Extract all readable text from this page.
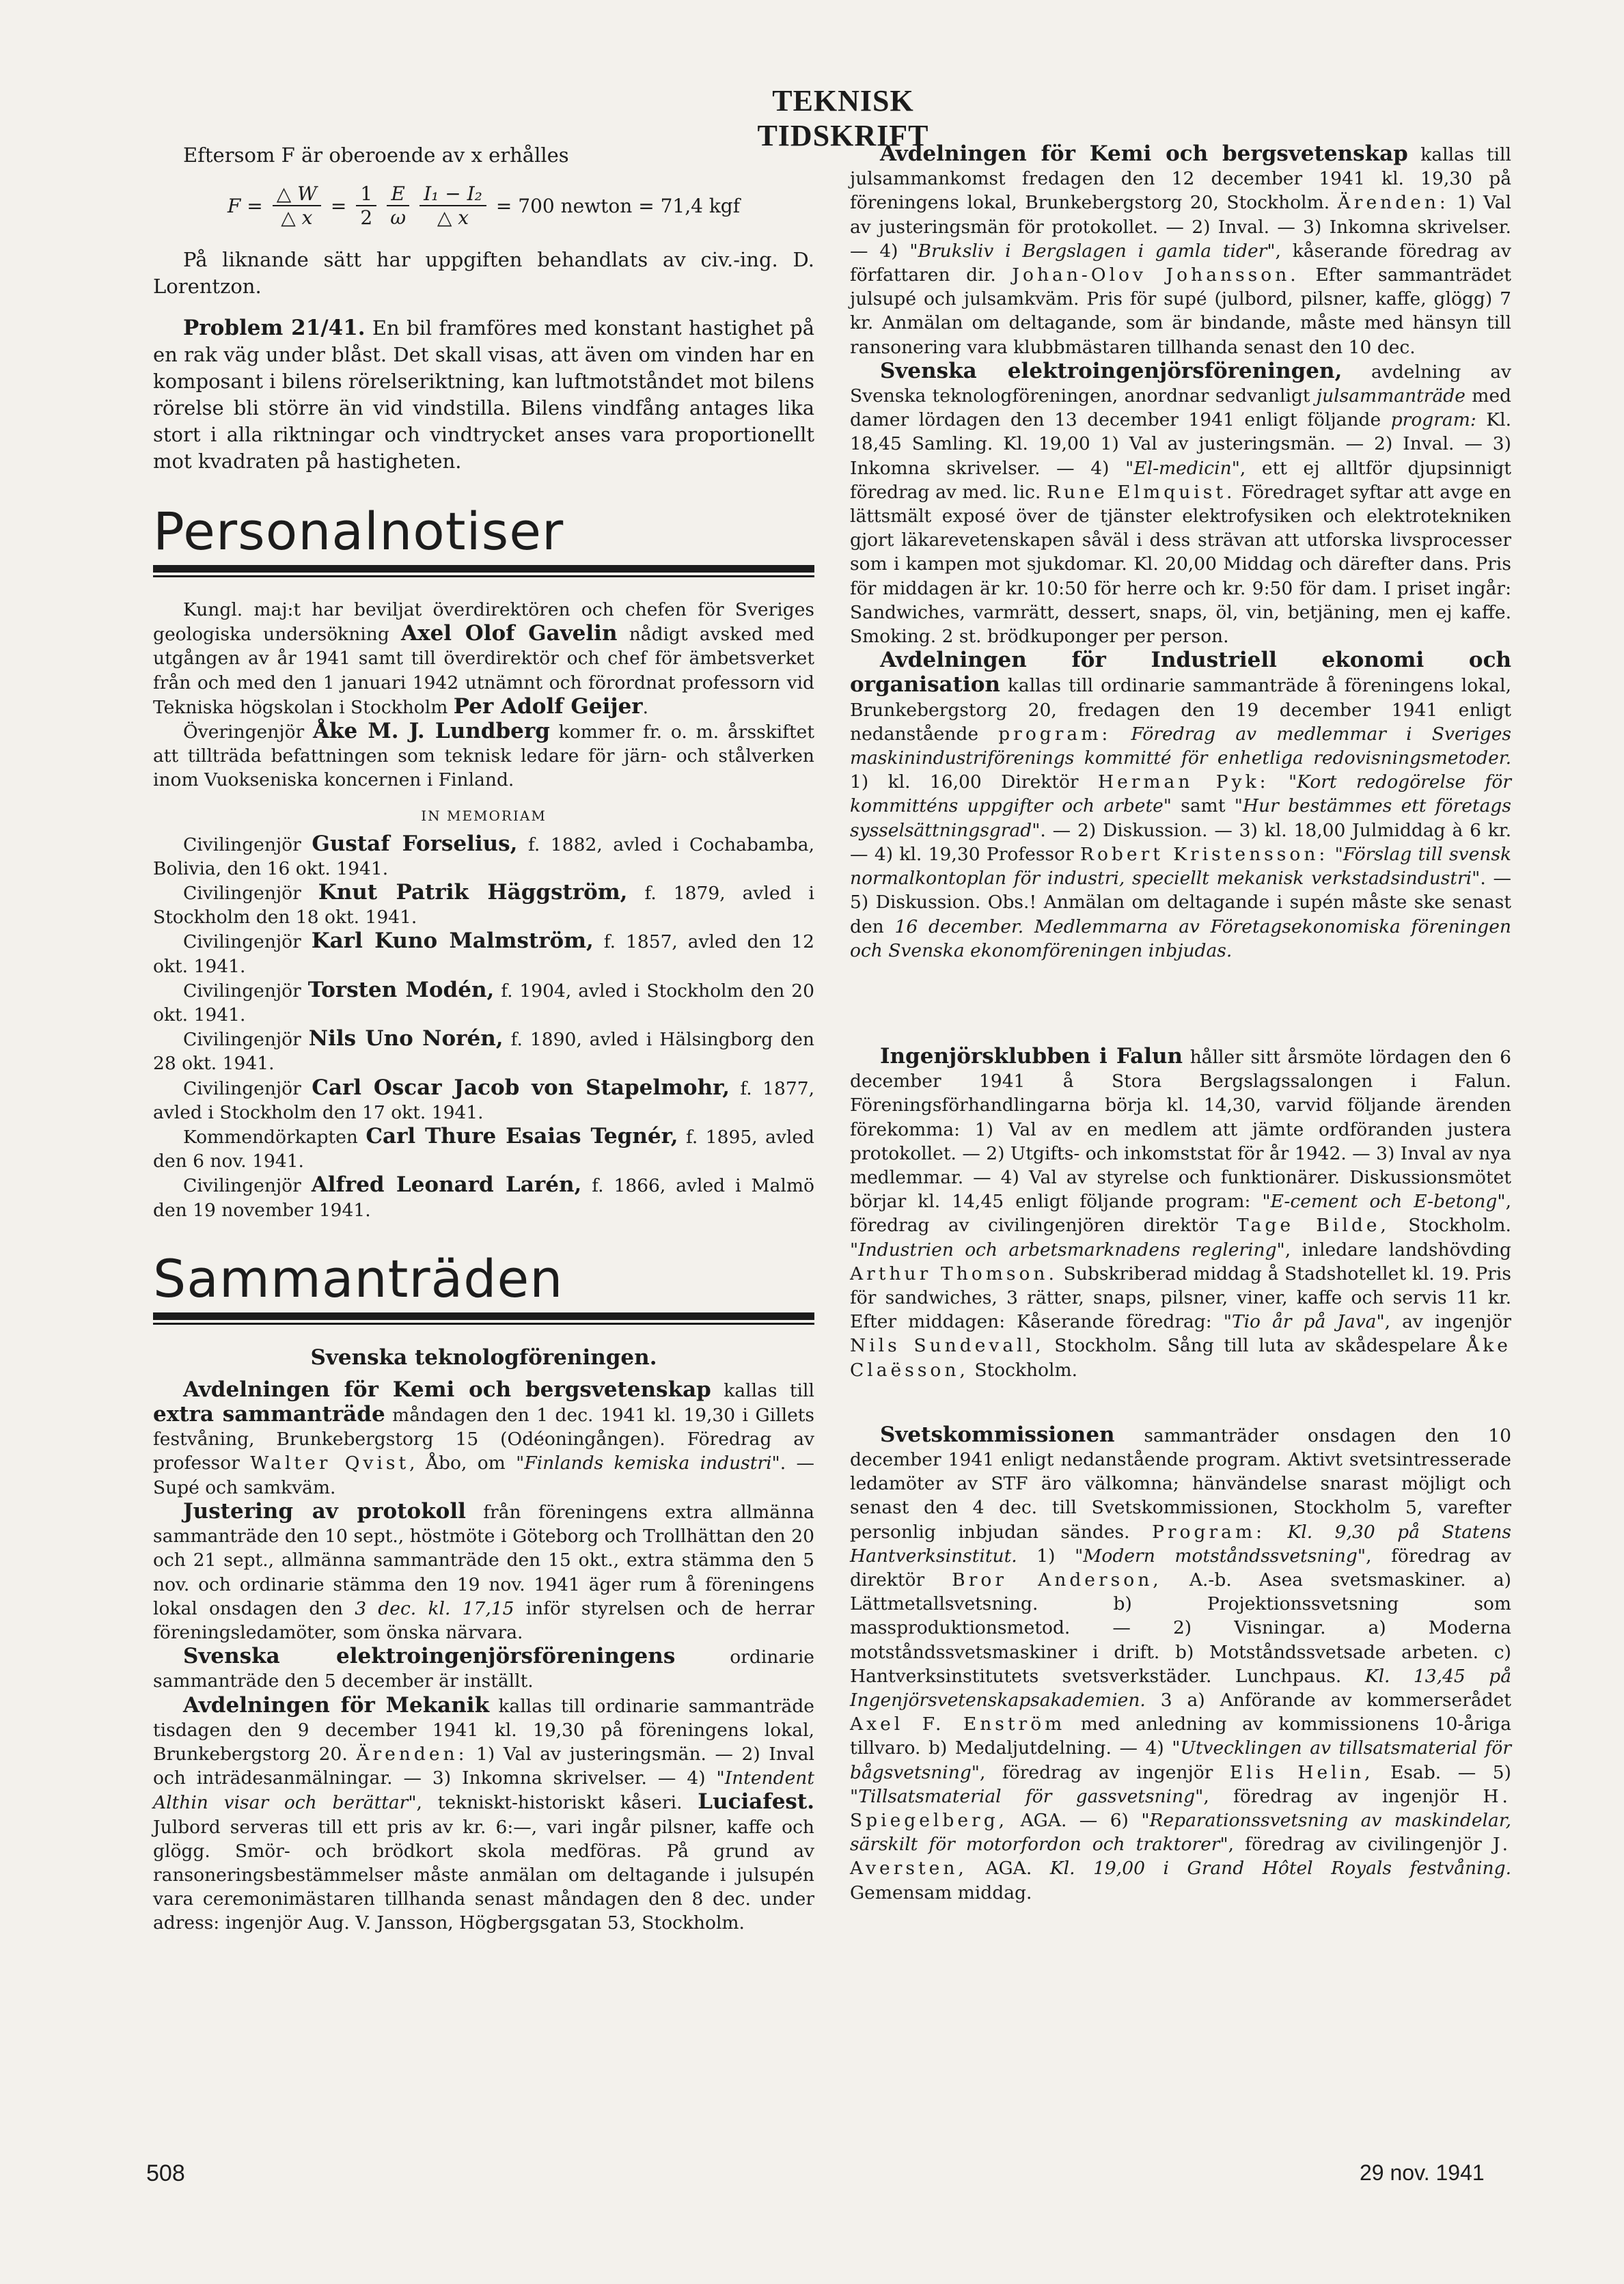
TEKNISK TIDSKRIFT

Eftersom F är oberoende av x erhålles

$F = \frac{\triangle W}{\triangle x} = \frac{1}{2} \frac{E}{\omega} \frac{\text{I₁ − I₂}}{\triangle x} = 700$ newton = 71,4 kgf

På liknande sätt har uppgiften behandlats av civ.-ing. D. Lorentzon.

Problem 21/41. En bil framföres med konstant hastighet på en rak väg under blåst. Det skall visas, att även om vinden har en komposant i bilens rörelseriktning, kan luftmotståndet mot bilens rörelse bli större än vid vindstilla. Bilens vindfång antages lika stort i alla riktningar och vindtrycket anses vara proportionellt mot kvadraten på hastigheten.

Personalnotiser

Kungl. maj:t har beviljat överdirektören och chefen för Sveriges geologiska undersökning Axel Olof Gavelin nådigt avsked med utgången av år 1941 samt till överdirektör och chef för ämbetsverket från och med den 1 januari 1942 utnämnt och förordnat professorn vid Tekniska högskolan i Stockholm Per Adolf Geijer.

Överingenjör Åke M. J. Lundberg kommer fr. o. m. årsskiftet att tillträda befattningen som teknisk ledare för järn- och stålverken inom Vuokseniska koncernen i Finland.

IN MEMORIAM

Civilingenjör Gustaf Forselius, f. 1882, avled i Cochabamba, Bolivia, den 16 okt. 1941.

Civilingenjör Knut Patrik Häggström, f. 1879, avled i Stockholm den 18 okt. 1941.

Civilingenjör Karl Kuno Malmström, f. 1857, avled den 12 okt. 1941.

Civilingenjör Torsten Modén, f. 1904, avled i Stockholm den 20 okt. 1941.

Civilingenjör Nils Uno Norén, f. 1890, avled i Hälsingborg den 28 okt. 1941.

Civilingenjör Carl Oscar Jacob von Stapelmohr, f. 1877, avled i Stockholm den 17 okt. 1941.

Kommendörkapten Carl Thure Esaias Tegnér, f. 1895, avled den 6 nov. 1941.

Civilingenjör Alfred Leonard Larén, f. 1866, avled i Malmö den 19 november 1941.

Sammanträden
Svenska teknologföreningen.

Avdelningen för Kemi och bergsvetenskap kallas till extra sammanträde måndagen den 1 dec. 1941 kl. 19,30 i Gillets festvåning, Brunkebergstorg 15 (Odéoningången). Föredrag av professor Walter Qvist, Åbo, om "Finlands kemiska industri". — Supé och samkväm.

Justering av protokoll från föreningens extra allmänna sammanträde den 10 sept., höstmöte i Göteborg och Trollhättan den 20 och 21 sept., allmänna sammanträde den 15 okt., extra stämma den 5 nov. och ordinarie stämma den 19 nov. 1941 äger rum å föreningens lokal onsdagen den 3 dec. kl. 17,15 inför styrelsen och de herrar föreningsledamöter, som önska närvara.

Svenska elektroingenjörsföreningens ordinarie sammanträde den 5 december är inställt.

Avdelningen för Mekanik kallas till ordinarie sammanträde tisdagen den 9 december 1941 kl. 19,30 på föreningens lokal, Brunkebergstorg 20. Ärenden: 1) Val av justeringsmän. — 2) Inval och inträdesanmälningar. — 3) Inkomna skrivelser. — 4) "Intendent Althin visar och berättar", tekniskt-historiskt kåseri. Luciafest. Julbord serveras till ett pris av kr. 6:—, vari ingår pilsner, kaffe och glögg. Smör- och brödkort skola medföras. På grund av ransoneringsbestämmelser måste anmälan om deltagande i julsupén vara ceremonimästaren tillhanda senast måndagen den 8 dec. under adress: ingenjör Aug. V. Jansson, Högbergsgatan 53, Stockholm.

Avdelningen för Kemi och bergsvetenskap kallas till julsammankomst fredagen den 12 december 1941 kl. 19,30 på föreningens lokal, Brunkebergstorg 20, Stockholm. Ärenden: 1) Val av justeringsmän för protokollet. — 2) Inval. — 3) Inkomna skrivelser. — 4) "Bruksliv i Bergslagen i gamla tider", kåserande föredrag av författaren dir. Johan-Olov Johansson. Efter sammanträdet julsupé och julsamkväm. Pris för supé (julbord, pilsner, kaffe, glögg) 7 kr. Anmälan om deltagande, som är bindande, måste med hänsyn till ransonering vara klubbmästaren tillhanda senast den 10 dec.

Svenska elektroingenjörsföreningen, avdelning av Svenska teknologföreningen, anordnar sedvanligt julsammanträde med damer lördagen den 13 december 1941 enligt följande program: Kl. 18,45 Samling. Kl. 19,00 1) Val av justeringsmän. — 2) Inval. — 3) Inkomna skrivelser. — 4) "El-medicin", ett ej alltför djupsinnigt föredrag av med. lic. Rune Elmquist. Föredraget syftar att avge en lättsmält exposé över de tjänster elektrofysiken och elektrotekniken gjort läkarevetenskapen såväl i dess strävan att utforska livsprocesser som i kampen mot sjukdomar. Kl. 20,00 Middag och därefter dans. Pris för middagen är kr. 10:50 för herre och kr. 9:50 för dam. I priset ingår: Sandwiches, varmrätt, dessert, snaps, öl, vin, betjäning, men ej kaffe. Smoking. 2 st. brödkuponger per person.

Avdelningen för Industriell ekonomi och organisation kallas till ordinarie sammanträde å föreningens lokal, Brunkebergstorg 20, fredagen den 19 december 1941 enligt nedanstående program: Föredrag av medlemmar i Sveriges maskinindustriförenings kommitté för enhetliga redovisningsmetoder. 1) kl. 16,00 Direktör Herman Pyk: "Kort redogörelse för kommitténs uppgifter och arbete" samt "Hur bestämmes ett företags sysselsättningsgrad". — 2) Diskussion. — 3) kl. 18,00 Julmiddag à 6 kr. — 4) kl. 19,30 Professor Robert Kristensson: "Förslag till svensk normalkontoplan för industri, speciellt mekanisk verkstadsindustri". — 5) Diskussion. Obs.! Anmälan om deltagande i supén måste ske senast den 16 december. Medlemmarna av Företagsekonomiska föreningen och Svenska ekonomföreningen inbjudas.

Ingenjörsklubben i Falun håller sitt årsmöte lördagen den 6 december 1941 å Stora Bergslagssalongen i Falun. Föreningsförhandlingarna börja kl. 14,30, varvid följande ärenden förekomma: 1) Val av en medlem att jämte ordföranden justera protokollet. — 2) Utgifts- och inkomststat för år 1942. — 3) Inval av nya medlemmar. — 4) Val av styrelse och funktionärer. Diskussionsmötet börjar kl. 14,45 enligt följande program: "E-cement och E-betong", föredrag av civilingenjören direktör Tage Bilde, Stockholm. "Industrien och arbetsmarknadens reglering", inledare landshövding Arthur Thomson. Subskriberad middag å Stadshotellet kl. 19. Pris för sandwiches, 3 rätter, snaps, pilsner, viner, kaffe och servis 11 kr. Efter middagen: Kåserande föredrag: "Tio år på Java", av ingenjör Nils Sundevall, Stockholm. Sång till luta av skådespelare Åke Claësson, Stockholm.

Svetskommissionen sammanträder onsdagen den 10 december 1941 enligt nedanstående program. Aktivt svetsintresserade ledamöter av STF äro välkomna; hänvändelse snarast möjligt och senast den 4 dec. till Svetskommissionen, Stockholm 5, varefter personlig inbjudan sändes. Program: Kl. 9,30 på Statens Hantverksinstitut. 1) "Modern motståndssvetsning", föredrag av direktör Bror Anderson, A.-b. Asea svetsmaskiner. a) Lättmetallsvetsning. b) Projektionssvetsning som massproduktionsmetod. — 2) Visningar. a) Moderna motståndssvetsmaskiner i drift. b) Motståndssvetsade arbeten. c) Hantverksinstitutets svetsverkstäder. Lunchpaus. Kl. 13,45 på Ingenjörsvetenskapsakademien. 3 a) Anförande av kommerserådet Axel F. Enström med anledning av kommissionens 10-åriga tillvaro. b) Medaljutdelning. — 4) "Utvecklingen av tillsatsmaterial för bågsvetsning", föredrag av ingenjör Elis Helin, Esab. — 5) "Tillsatsmaterial för gassvetsning", föredrag av ingenjör H. Spiegelberg, AGA. — 6) "Reparationssvetsning av maskindelar, särskilt för motorfordon och traktorer", föredrag av civilingenjör J. Aversten, AGA. Kl. 19,00 i Grand Hôtel Royals festvåning. Gemensam middag.

508	29 nov. 1941
